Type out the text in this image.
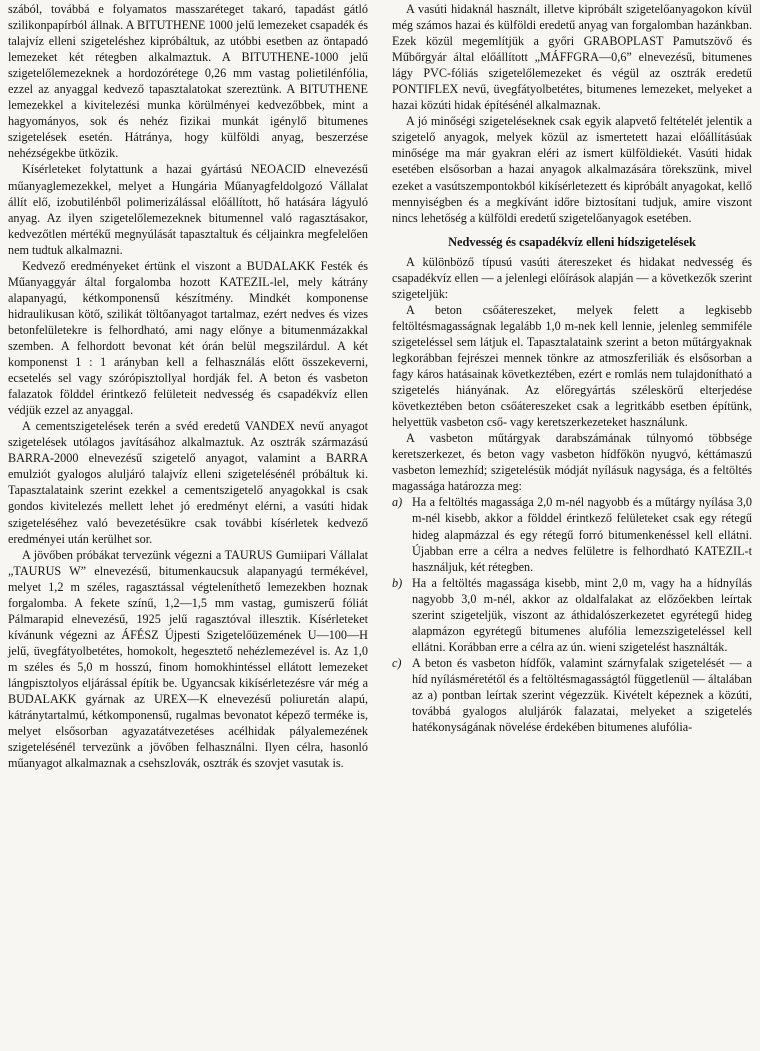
szából, továbbá e folyamatos masszaréteget takaró, tapadást gátló szilikonpapírból állnak. A BITUTHENE 1000 jelű lemezeket csapadék és talajvíz elleni szigeteléshez kipróbáltuk, az utóbbi esetben az öntapadó lemezeket két rétegben alkalmaztuk. A BITUTHENE-1000 jelű szigetelőlemezeknek a hordozórétege 0,26 mm vastag polietilénfólia, ezzel az anyaggal kedvező tapasztalatokat szereztünk. A BITUTHENE lemezekkel a kivitelezési munka körülményei kedvezőbbek, mint a hagyományos, sok és nehéz fizikai munkát igénylő bitumenes szigetelések esetén. Hátránya, hogy külföldi anyag, beszerzése nehézségekbe ütközik.

Kísérleteket folytattunk a hazai gyártású NEOACID elnevezésű műanyaglemezekkel, melyet a Hungária Műanyagfeldolgozó Vállalat állít elő, izobutilénből polimerizálással előállított, hő hatására lágyuló anyag. Az ilyen szigetelőlemezeknek bitumennel való ragasztásakor, kedvezőtlen mértékű megnyúlását tapasztaltuk és céljainkra megfelelően nem tudtuk alkalmazni.

Kedvező eredményeket értünk el viszont a BUDALAKK Festék és Műanyaggyár által forgalomba hozott KATEZIL-lel, mely kátrány alapanyagú, kétkomponensű készítmény. Mindkét komponense hidraulikusan kötő, szilikát töltőanyagot tartalmaz, ezért nedves és vizes betonfelületekre is felhordható, ami nagy előnye a bitumenmázakkal szemben. A felhordott bevonat két órán belül megszilárdul. A két komponenst 1 : 1 arányban kell a felhasználás előtt összekeverni, ecsetelés sel vagy szórópisztollyal hordják fel. A beton és vasbeton falazatok földdel érintkező felületeit nedvesség és csapadékvíz ellen védjük ezzel az anyaggal.

A cementszigetelések terén a svéd eredetű VANDEX nevű anyagot szigetelések utólagos javításához alkalmaztuk. Az osztrák származású BARRA-2000 elnevezésű szigetelő anyagot, valamint a BARRA emulziót gyalogos aluljáró talajvíz elleni szigetelésénél próbáltuk ki. Tapasztalataink szerint ezekkel a cementszigetelő anyagokkal is csak gondos kivitelezés mellett lehet jó eredményt elérni, a vasúti hidak szigeteléséhez való bevezetésükre csak további kísérletek kedvező eredményei után kerülhet sor.

A jövőben próbákat tervezünk végezni a TAURUS Gumiipari Vállalat „TAURUS W” elnevezésű, bitumenkaucsuk alapanyagú termékével, melyet 1,2 m széles, ragasztással végteleníthető lemezekben hoznak forgalomba. A fekete színű, 1,2—1,5 mm vastag, gumiszerű fóliát Pálmarapid elnevezésű, 1925 jelű ragasztóval illesztik. Kísérleteket kívánunk végezni az ÁFÉSZ Újpesti Szigetelőüzemének U—100—H jelű, üvegfátyolbetétes, homokolt, hegesztető nehézlemezével is. Az 1,0 m széles és 5,0 m hosszú, finom homokhintéssel ellátott lemezeket lángpisztolyos eljárással építik be. Ugyancsak kikísérletezésre vár még a BUDALAKK gyárnak az UREX—K elnevezésű poliuretán alapú, kátránytartalmú, kétkomponensű, rugalmas bevonatot képező terméke is, melyet elsősorban agyazatátvezetéses acélhidak pályalemezének szigetelésénél tervezünk a jövőben felhasználni. Ilyen célra, hasonló műanyagot alkalmaznak a csehszlovák, osztrák és szovjet vasutak is.

A vasúti hidaknál használt, illetve kipróbált szigetelőanyagokon kívül még számos hazai és külföldi eredetű anyag van forgalomban hazánkban. Ezek közül megemlítjük a győri GRABOPLAST Pamutszövő és Műbőrgyár által előállított „MÁFFGRA—0,6” elnevezésű, bitumenes lágy PVC-fóliás szigetelőlemezeket és végül az osztrák eredetű PONTIFLEX nevű, üvegfátyolbetétes, bitumenes lemezeket, melyeket a hazai közúti hidak építésénél alkalmaznak.

A jó minőségi szigeteléseknek csak egyik alapvető feltételét jelentik a szigetelő anyagok, melyek közül az ismertetett hazai előállításúak minősége ma már gyakran eléri az ismert külföldiekét. Vasúti hidak esetében elsősorban a hazai anyagok alkalmazására törekszünk, mivel ezeket a vasútszempontokból kikísérletezett és kipróbált anyagokat, kellő mennyiségben és a megkívánt időre biztosítani tudjuk, amire viszont nincs lehetőség a külföldi eredetű szigetelőanyagok esetében.

Nedvesség és csapadékvíz elleni hídszigetelések

A különböző típusú vasúti átereszeket és hidakat nedvesség és csapadékvíz ellen — a jelenlegi előírások alapján — a következők szerint szigeteljük:

A beton csőátereszeket, melyek felett a legkisebb feltöltésmagasságnak legalább 1,0 m-nek kell lennie, jelenleg semmiféle szigeteléssel sem látjuk el. Tapasztalataink szerint a beton műtárgyaknak legkorábban fejrészei mennek tönkre az atmoszferiliák és elsősorban a fagy káros hatásainak következtében, ezért e romlás nem tulajdonítható a szigetelés hiányának. Az előregyártás széleskörű elterjedése következtében beton csőátereszeket csak a legritkább esetben építünk, helyettük vasbeton cső- vagy keretszerkezeteket használunk.

A vasbeton műtárgyak darabszámának túlnyomó többsége keretszerkezet, és beton vagy vasbeton hídfőkön nyugvó, kéttámaszú vasbeton lemezhíd; szigetelésük módját nyílásuk nagysága, és a feltöltés magassága határozza meg:

a) Ha a feltöltés magassága 2,0 m-nél nagyobb és a műtárgy nyílása 3,0 m-nél kisebb, akkor a földdel érintkező felületeket csak egy rétegű hideg alapmázzal és egy rétegű forró bitumenkenéssel kell ellátni. Újabban erre a célra a nedves felületre is felhordható KATEZIL-t használjuk, két rétegben.

b) Ha a feltöltés magassága kisebb, mint 2,0 m, vagy ha a hídnyílás nagyobb 3,0 m-nél, akkor az oldalfalakat az előzőekben leírtak szerint szigeteljük, viszont az áthidalószerkezetet egyrétegű hideg alapmázon egyrétegű bitumenes alufólia lemezszigeteléssel kell ellátni. Korábban erre a célra az ún. wieni szigetelést használták.

c) A beton és vasbeton hídfők, valamint szárnyfalak szigetelését — a híd nyílásméretétől és a feltöltésmagasságtól függetlenül — általában az a) pontban leírtak szerint végezzük. Kivételt képeznek a közúti, továbbá gyalogos aluljárók falazatai, melyeket a szigetelés hatékonyságának növelése érdekében bitumenes alufólia-
